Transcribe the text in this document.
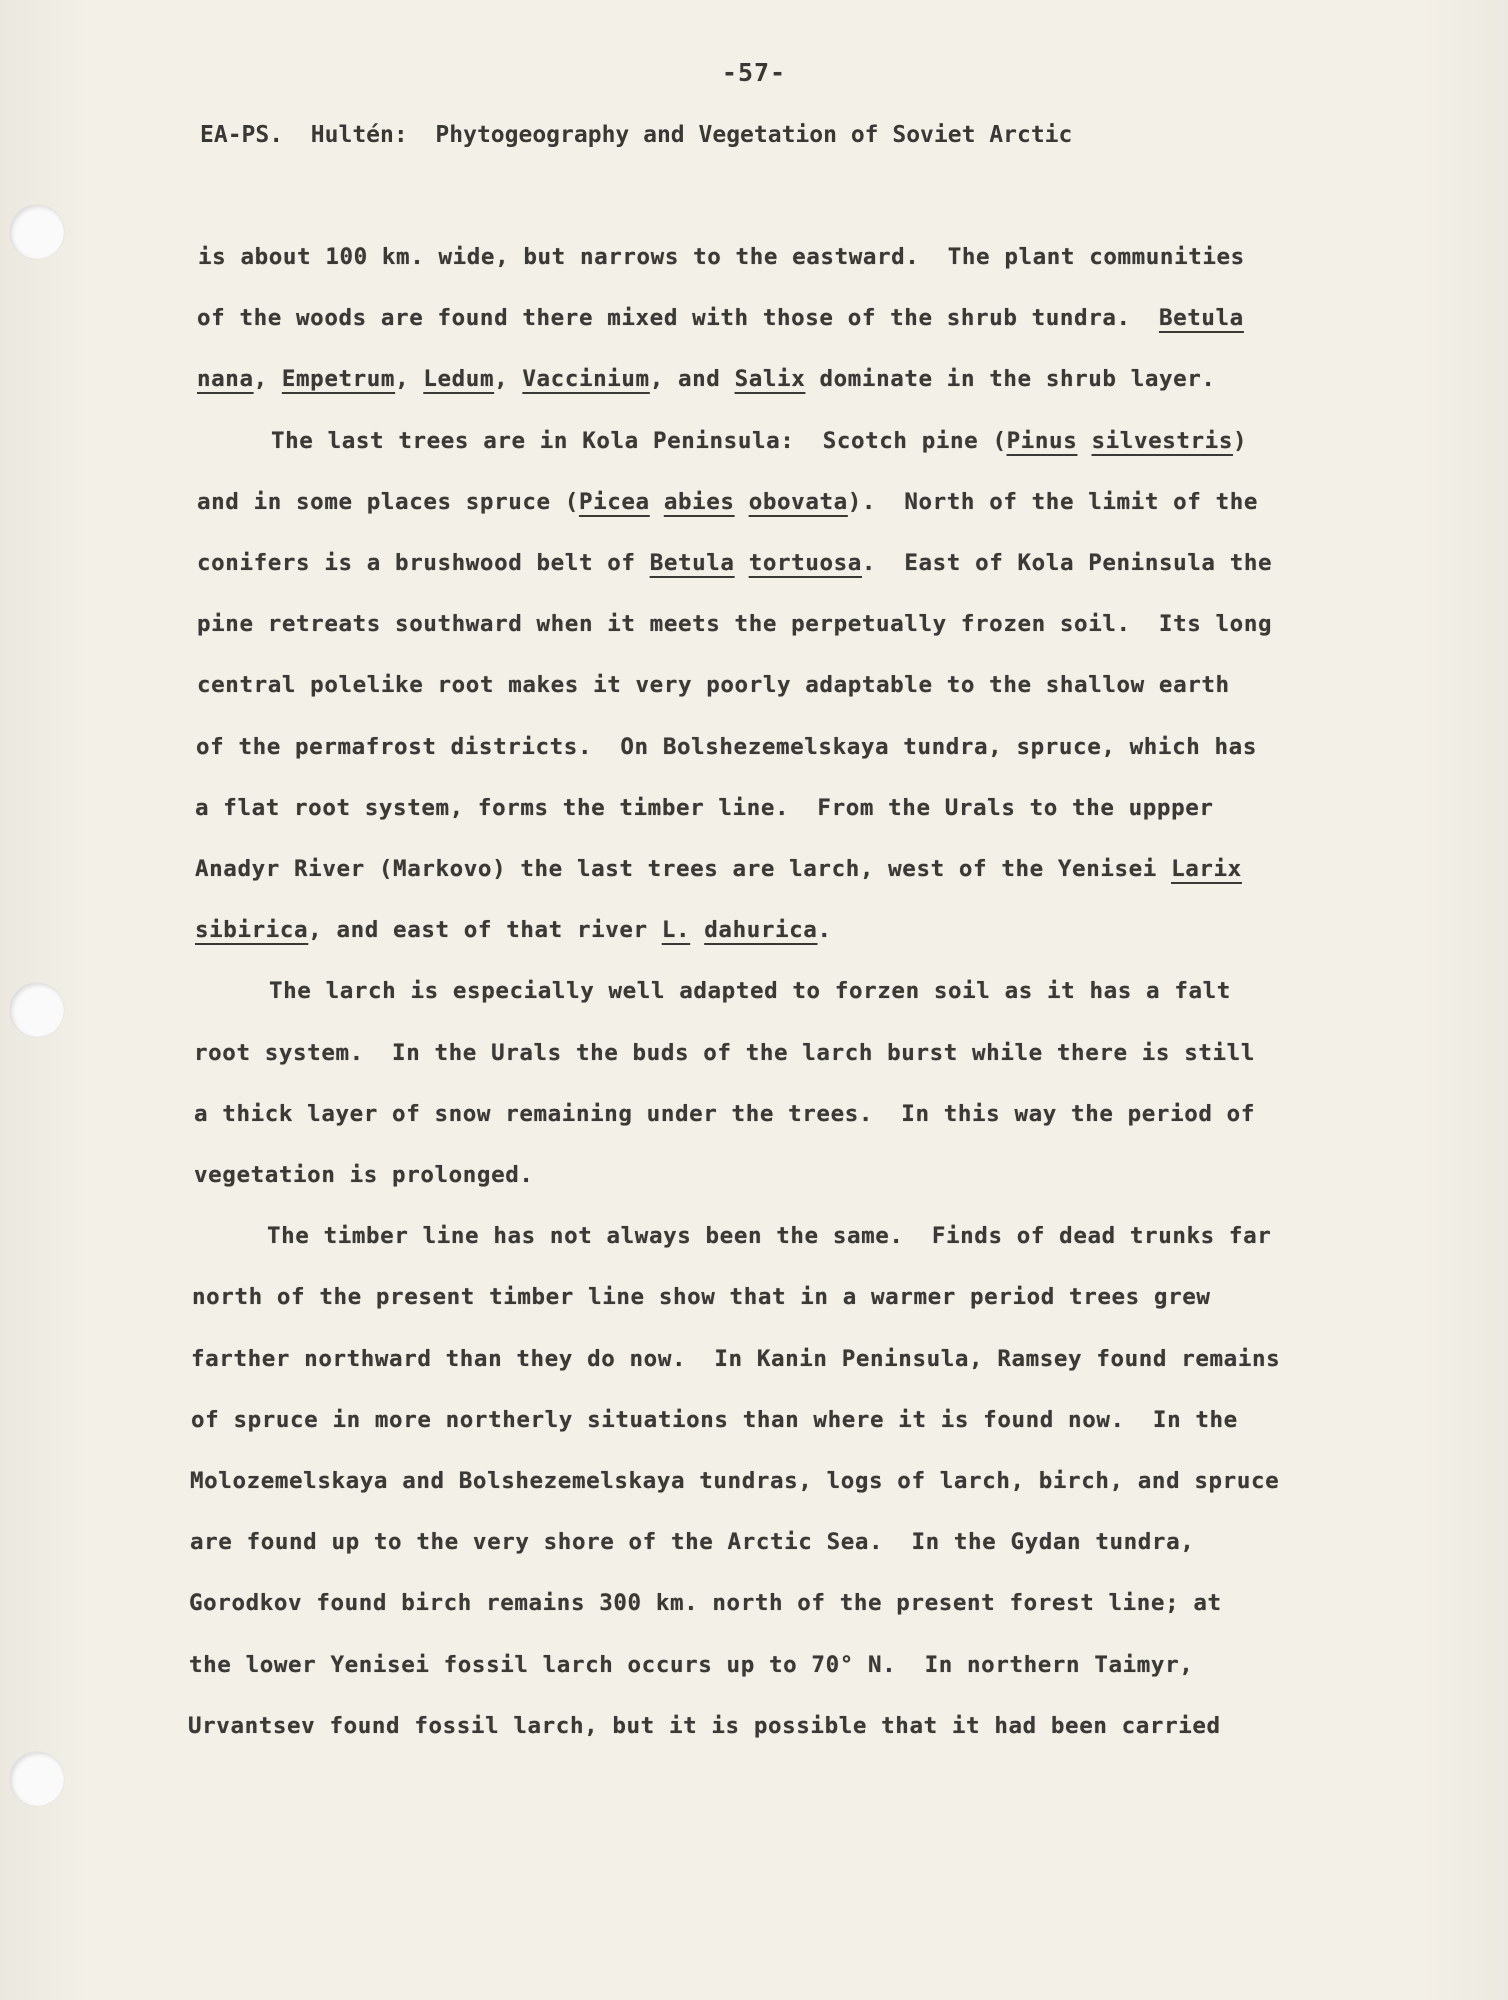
-57-
EA-PS.  Hultén:  Phytogeography and Vegetation of Soviet Arctic
is about 100 km. wide, but narrows to the eastward.  The plant communities
of the woods are found there mixed with those of the shrub tundra.  Betula
nana, Empetrum, Ledum, Vaccinium, and Salix dominate in the shrub layer.
The last trees are in Kola Peninsula:  Scotch pine (Pinus silvestris)
and in some places spruce (Picea abies obovata).  North of the limit of the
conifers is a brushwood belt of Betula tortuosa.  East of Kola Peninsula the
pine retreats southward when it meets the perpetually frozen soil.  Its long
central polelike root makes it very poorly adaptable to the shallow earth
of the permafrost districts.  On Bolshezemelskaya tundra, spruce, which has
a flat root system, forms the timber line.  From the Urals to the uppper
Anadyr River (Markovo) the last trees are larch, west of the Yenisei Larix
sibirica, and east of that river L. dahurica.
The larch is especially well adapted to forzen soil as it has a falt
root system.  In the Urals the buds of the larch burst while there is still
a thick layer of snow remaining under the trees.  In this way the period of
vegetation is prolonged.
The timber line has not always been the same.  Finds of dead trunks far
north of the present timber line show that in a warmer period trees grew
farther northward than they do now.  In Kanin Peninsula, Ramsey found remains
of spruce in more northerly situations than where it is found now.  In the
Molozemelskaya and Bolshezemelskaya tundras, logs of larch, birch, and spruce
are found up to the very shore of the Arctic Sea.  In the Gydan tundra,
Gorodkov found birch remains 300 km. north of the present forest line; at
the lower Yenisei fossil larch occurs up to 70° N.  In northern Taimyr,
Urvantsev found fossil larch, but it is possible that it had been carried
